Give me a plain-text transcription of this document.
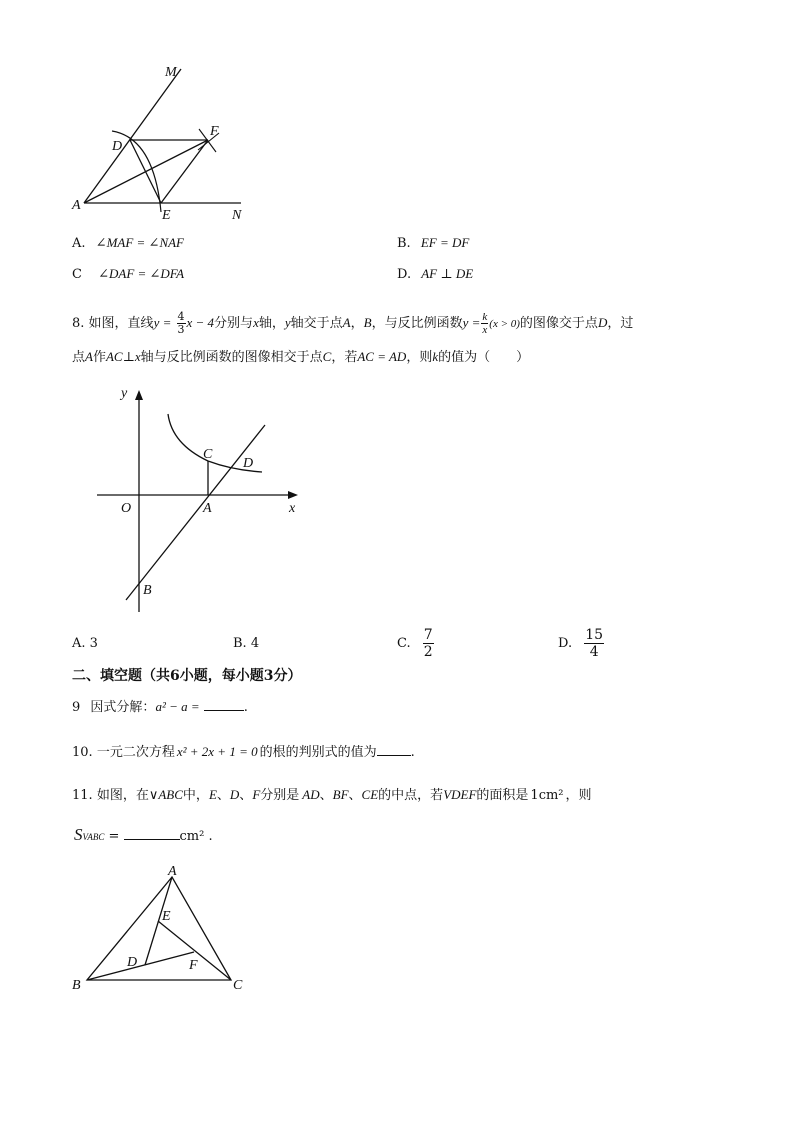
M
F
D
A
E	N
A. ∠MAF = ∠NAF	B. EF = DF
C ∠DAF = ∠DFA	D. AF ⊥ DE
8. 如图，直线$y = \frac{4}{3}$ x − 4分别与x轴，y轴交于点A，B，与反比例函数$y = \frac{k}{x} (x > 0)$的图像交于点D，过
点A作AC⊥x轴与反比例函数的图像相交于点C，若AC = AD，则k的值为（　　）
y
C
D
O	A	x
B
A. 3	B. 4	C. $\frac{7}{2}$	D. $\frac{15}{4}$
二、填空题（共6小题，每小题3分）
9 因式分解：a² − a =	.
10. 一元二次方程 x² + 2x + 1 = 0 的根的判别式的值为	.
11. 如图，在∨ABC中，E、D、F分别是 AD、BF、CE的中点，若VDEF的面积是 1cm² ，则
SVABC =	cm² .
A
E
D	F
B	C
